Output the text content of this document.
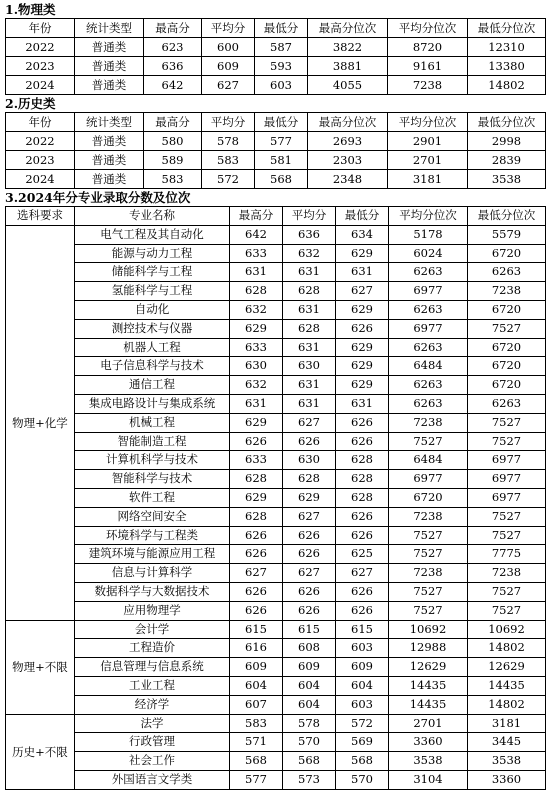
1.物理类
年份	统计类型	最高分	平均分	最低分	最高分位次	平均分位次	最低分位次
2022	普通类	623	600	587	3822	8720	12310
2023	普通类	636	609	593	3881	9161	13380
2024	普通类	642	627	603	4055	7238	14802
2.历史类
年份	统计类型	最高分	平均分	最低分	最高分位次	平均分位次	最低分位次
2022	普通类	580	578	577	2693	2901	2998
2023	普通类	589	583	581	2303	2701	2839
2024	普通类	583	572	568	2348	3181	3538
3.2024年分专业录取分数及位次
选科要求	专业名称	最高分	平均分	最低分	平均分位次	最低分位次
物理+化学	电气工程及其自动化	642	636	634	5178	5579
	能源与动力工程	633	632	629	6024	6720
	储能科学与工程	631	631	631	6263	6263
	氢能科学与工程	628	628	627	6977	7238
	自动化	632	631	629	6263	6720
	测控技术与仪器	629	628	626	6977	7527
	机器人工程	633	631	629	6263	6720
	电子信息科学与技术	630	630	629	6484	6720
	通信工程	632	631	629	6263	6720
	集成电路设计与集成系统	631	631	631	6263	6263
	机械工程	629	627	626	7238	7527
	智能制造工程	626	626	626	7527	7527
	计算机科学与技术	633	630	628	6484	6977
	智能科学与技术	628	628	628	6977	6977
	软件工程	629	629	628	6720	6977
	网络空间安全	628	627	626	7238	7527
	环境科学与工程类	626	626	626	7527	7527
	建筑环境与能源应用工程	626	626	625	7527	7775
	信息与计算科学	627	627	627	7238	7238
	数据科学与大数据技术	626	626	626	7527	7527
	应用物理学	626	626	626	7527	7527
物理+不限	会计学	615	615	615	10692	10692
	工程造价	616	608	603	12988	14802
	信息管理与信息系统	609	609	609	12629	12629
	工业工程	604	604	604	14435	14435
	经济学	607	604	603	14435	14802
历史+不限	法学	583	578	572	2701	3181
	行政管理	571	570	569	3360	3445
	社会工作	568	568	568	3538	3538
	外国语言文学类	577	573	570	3104	3360
